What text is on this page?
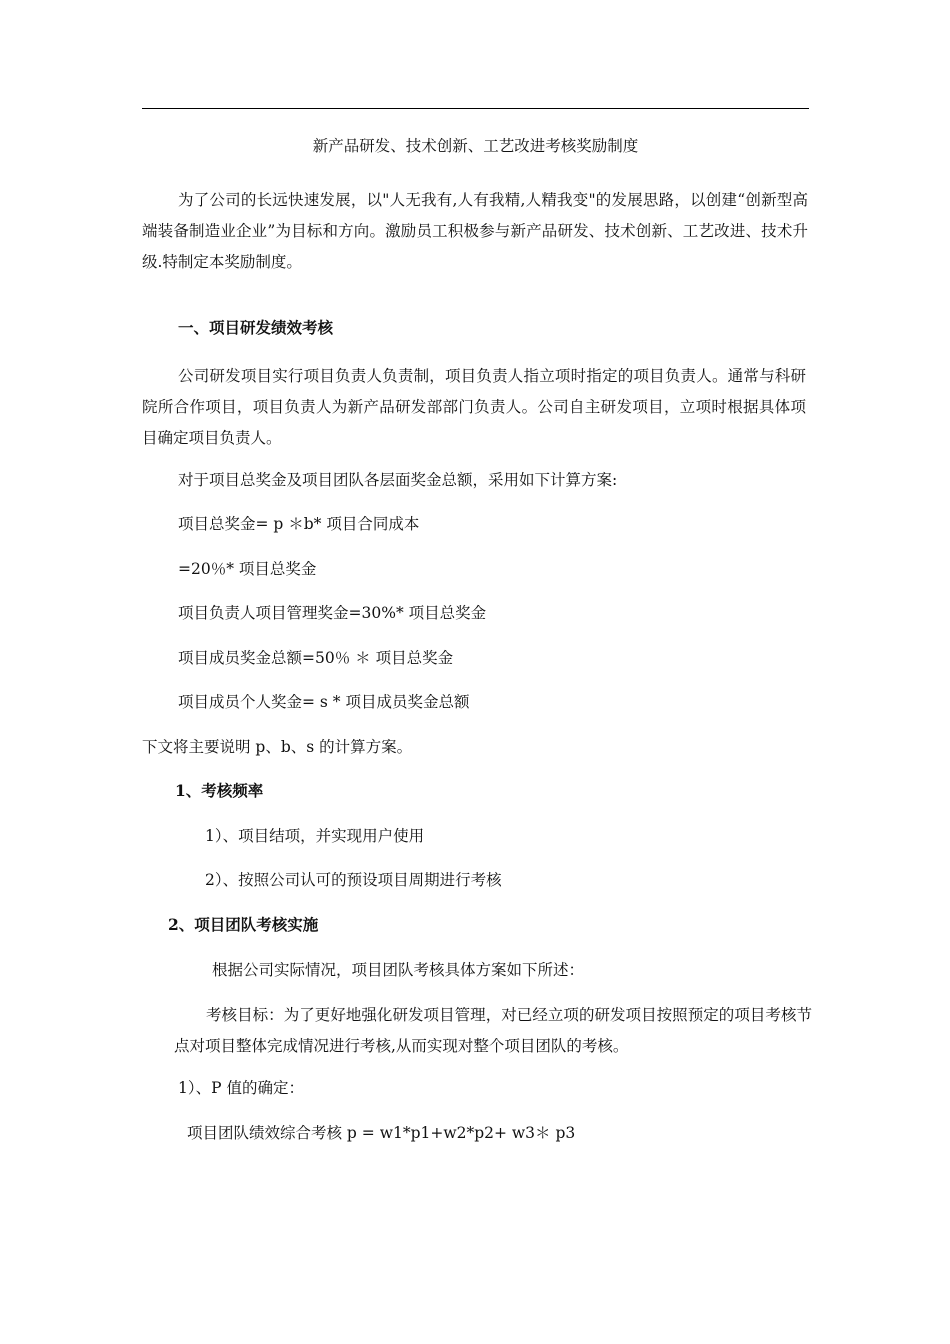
新产品研发、技术创新、工艺改进考核奖励制度
为了公司的长远快速发展，以"人无我有,人有我精,人精我变"的发展思路，以创建“创新型高端装备制造业企业”为目标和方向。激励员工积极参与新产品研发、技术创新、工艺改进、技术升级.特制定本奖励制度。
一、项目研发绩效考核
公司研发项目实行项目负责人负责制，项目负责人指立项时指定的项目负责人。通常与科研院所合作项目，项目负责人为新产品研发部部门负责人。公司自主研发项目，立项时根据具体项目确定项目负责人。
对于项目总奖金及项目团队各层面奖金总额，采用如下计算方案:
项目总奖金= p ＊b* 项目合同成本
=20％* 项目总奖金
项目负责人项目管理奖金=30%* 项目总奖金
项目成员奖金总额=50％ ＊ 项目总奖金
项目成员个人奖金= s * 项目成员奖金总额
下文将主要说明 p、b、s 的计算方案。
1、考核频率
1）、项目结项，并实现用户使用
2）、按照公司认可的预设项目周期进行考核
2、项目团队考核实施
根据公司实际情况，项目团队考核具体方案如下所述：
考核目标：为了更好地强化研发项目管理，对已经立项的研发项目按照预定的项目考核节点对项目整体完成情况进行考核,从而实现对整个项目团队的考核。
1）、P 值的确定：
项目团队绩效综合考核 p = w1*p1+w2*p2+ w3＊ p3
